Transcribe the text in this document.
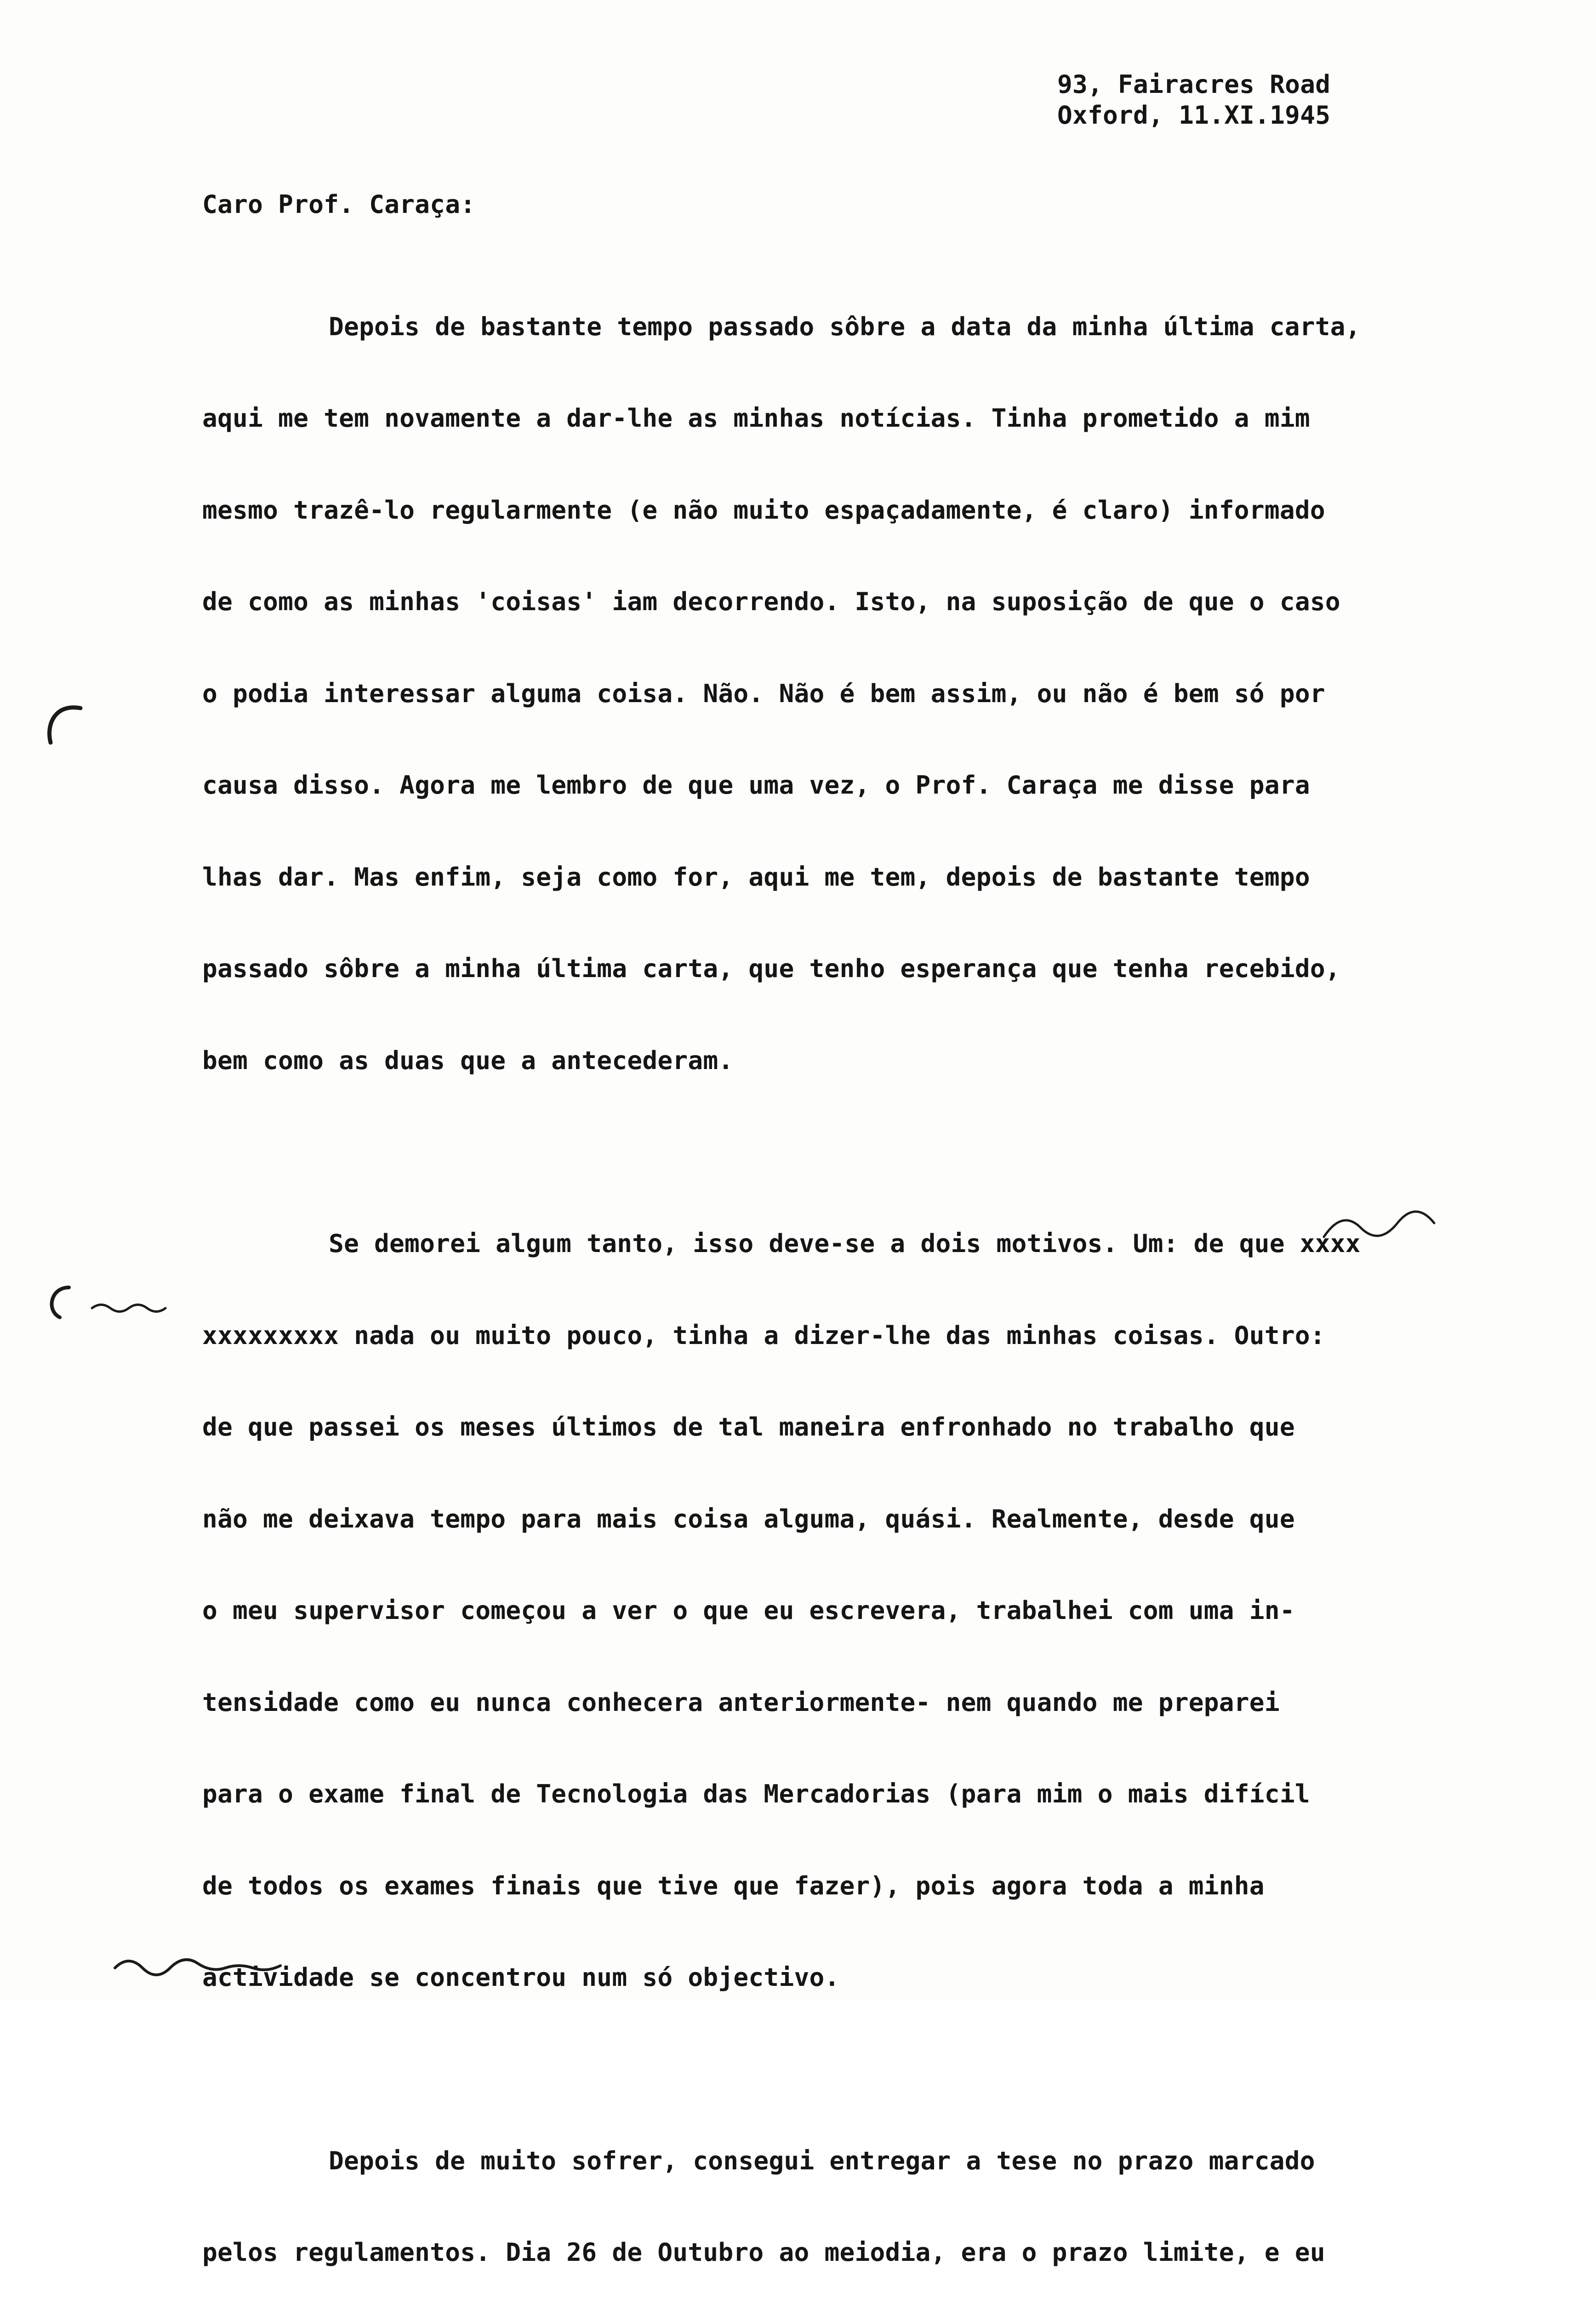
93, Fairacres Road
Oxford, 11.XI.1945
Caro Prof. Caraça:

Depois de bastante tempo passado sôbre a data da minha última carta,

aqui me tem novamente a dar-lhe as minhas notícias. Tinha prometido a mim

mesmo trazê-lo regularmente (e não muito espaçadamente, é claro) informado

de como as minhas 'coisas' iam decorrendo. Isto, na suposição de que o caso

o podia interessar alguma coisa. Não. Não é bem assim, ou não é bem só por

causa disso. Agora me lembro de que uma vez, o Prof. Caraça me disse para

lhas dar. Mas enfim, seja como for, aqui me tem, depois de bastante tempo

passado sôbre a minha última carta, que tenho esperança que tenha recebido,

bem como as duas que a antecederam.

Se demorei algum tanto, isso deve-se a dois motivos. Um: de que xxxx

xxxxxxxxx nada ou muito pouco, tinha a dizer-lhe das minhas coisas. Outro:

de que passei os meses últimos de tal maneira enfronhado no trabalho que

não me deixava tempo para mais coisa alguma, quási. Realmente, desde que

o meu supervisor começou a ver o que eu escrevera, trabalhei com uma in-

tensidade como eu nunca conhecera anteriormente- nem quando me preparei

para o exame final de Tecnologia das Mercadorias (para mim o mais difícil

de todos os exames finais que tive que fazer), pois agora toda a minha

actividade se concentrou num só objectivo.

Depois de muito sofrer, consegui entregar a tese no prazo marcado

pelos regulamentos. Dia 26 de Outubro ao meiodia, era o prazo limite, e eu
